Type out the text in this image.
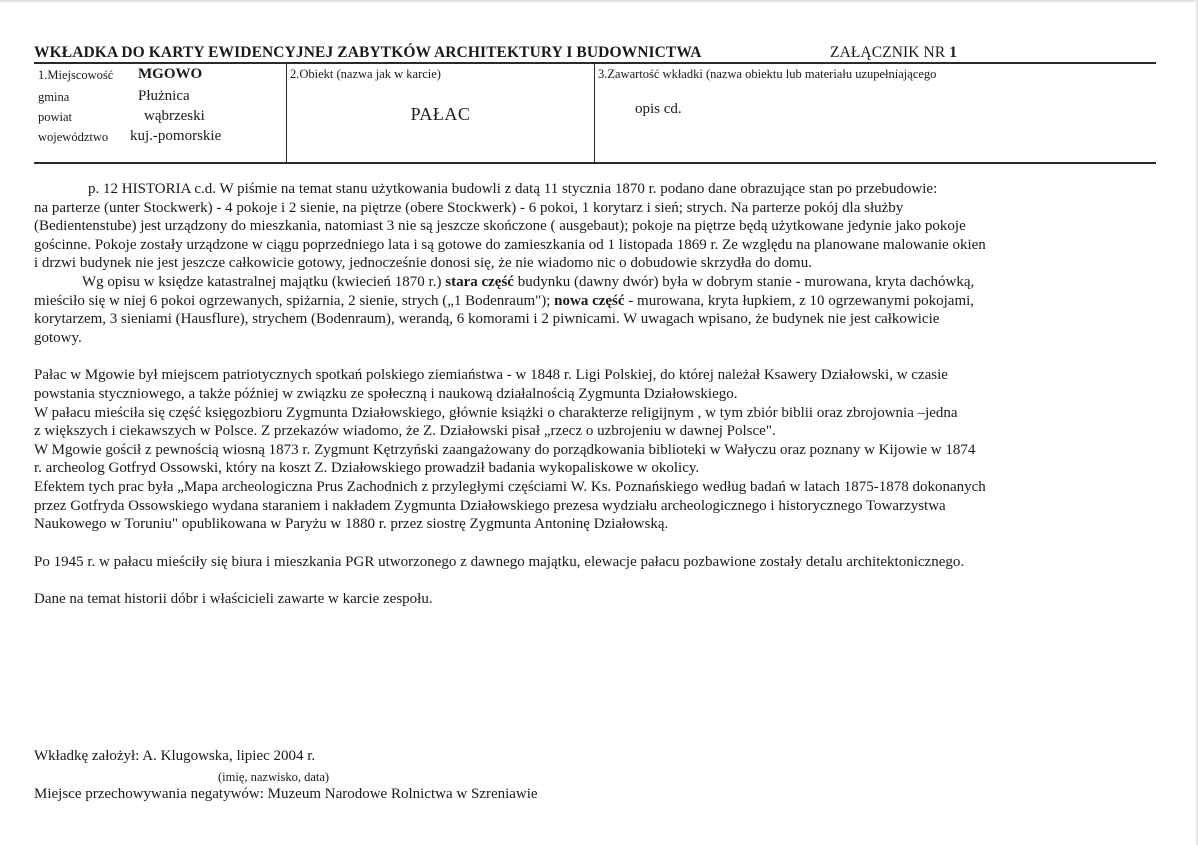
WKŁADKA DO KARTY EWIDENCYJNEJ ZABYTKÓW ARCHITEKTURY I BUDOWNICTWA	ZAŁĄCZNIK NR 1
1.Miejscowość MGOWO
gmina	Płużnica
powiat	wąbrzeski
województwo kuj.-pomorskie
2.Obiekt (nazwa jak w karcie)
PAŁAC
3.Zawartość wkładki (nazwa obiektu lub materiału uzupełniającego
opis cd.

p. 12 HISTORIA c.d. W piśmie na temat stanu użytkowania budowli z datą 11 stycznia 1870 r. podano dane obrazujące stan po przebudowie:
na parterze (unter Stockwerk) - 4 pokoje i 2 sienie, na piętrze (obere Stockwerk) - 6 pokoi, 1 korytarz i sień; strych. Na parterze pokój dla służby
(Bedientenstube) jest urządzony do mieszkania, natomiast 3 nie są jeszcze skończone ( ausgebaut); pokoje na piętrze będą użytkowane jedynie jako pokoje
gościnne. Pokoje zostały urządzone w ciągu poprzedniego lata i są gotowe do zamieszkania od 1 listopada 1869 r. Ze względu na planowane malowanie okien
i drzwi budynek nie jest jeszcze całkowicie gotowy, jednocześnie donosi się, że nie wiadomo nic o dobudowie skrzydła do domu.

Wg opisu w księdze katastralnej majątku (kwiecień 1870 r.) stara część budynku (dawny dwór) była w dobrym stanie - murowana, kryta dachówką,
mieściło się w niej 6 pokoi ogrzewanych, spiżarnia, 2 sienie, strych („1 Bodenraum"); nowa część - murowana, kryta łupkiem, z 10 ogrzewanymi pokojami,
korytarzem, 3 sieniami (Hausflure), strychem (Bodenraum), werandą, 6 komorami i 2 piwnicami. W uwagach wpisano, że budynek nie jest całkowicie
gotowy.

Pałac w Mgowie był miejscem patriotycznych spotkań polskiego ziemiaństwa - w 1848 r. Ligi Polskiej, do której należał Ksawery Działowski, w czasie
powstania styczniowego, a także później w związku ze społeczną i naukową działalnością Zygmunta Działowskiego.
W pałacu mieściła się część księgozbioru Zygmunta Działowskiego, głównie książki o charakterze religijnym , w tym zbiór biblii oraz zbrojownia –jedna
z większych i ciekawszych w Polsce. Z przekazów wiadomo, że Z. Działowski pisał „rzecz o uzbrojeniu w dawnej Polsce".
W Mgowie gościł z pewnością wiosną 1873 r. Zygmunt Kętrzyński zaangażowany do porządkowania biblioteki w Wałyczu oraz poznany w Kijowie w 1874
r. archeolog Gotfryd Ossowski, który na koszt Z. Działowskiego prowadził badania wykopaliskowe w okolicy.
Efektem tych prac była „Mapa archeologiczna Prus Zachodnich z przyległymi częściami W. Ks. Poznańskiego według badań w latach 1875-1878 dokonanych
przez Gotfryda Ossowskiego wydana staraniem i nakładem Zygmunta Działowskiego prezesa wydziału archeologicznego i historycznego Towarzystwa
Naukowego w Toruniu" opublikowana w Paryżu w 1880 r. przez siostrę Zygmunta Antoninę Działowską.

Po 1945 r. w pałacu mieściły się biura i mieszkania PGR utworzonego z dawnego majątku, elewacje pałacu pozbawione zostały detalu architektonicznego.

Dane na temat historii dóbr i właścicieli zawarte w karcie zespołu.

Wkładkę założył: A. Klugowska, lipiec 2004 r.
(imię, nazwisko, data)
Miejsce przechowywania negatywów: Muzeum Narodowe Rolnictwa w Szreniawie
